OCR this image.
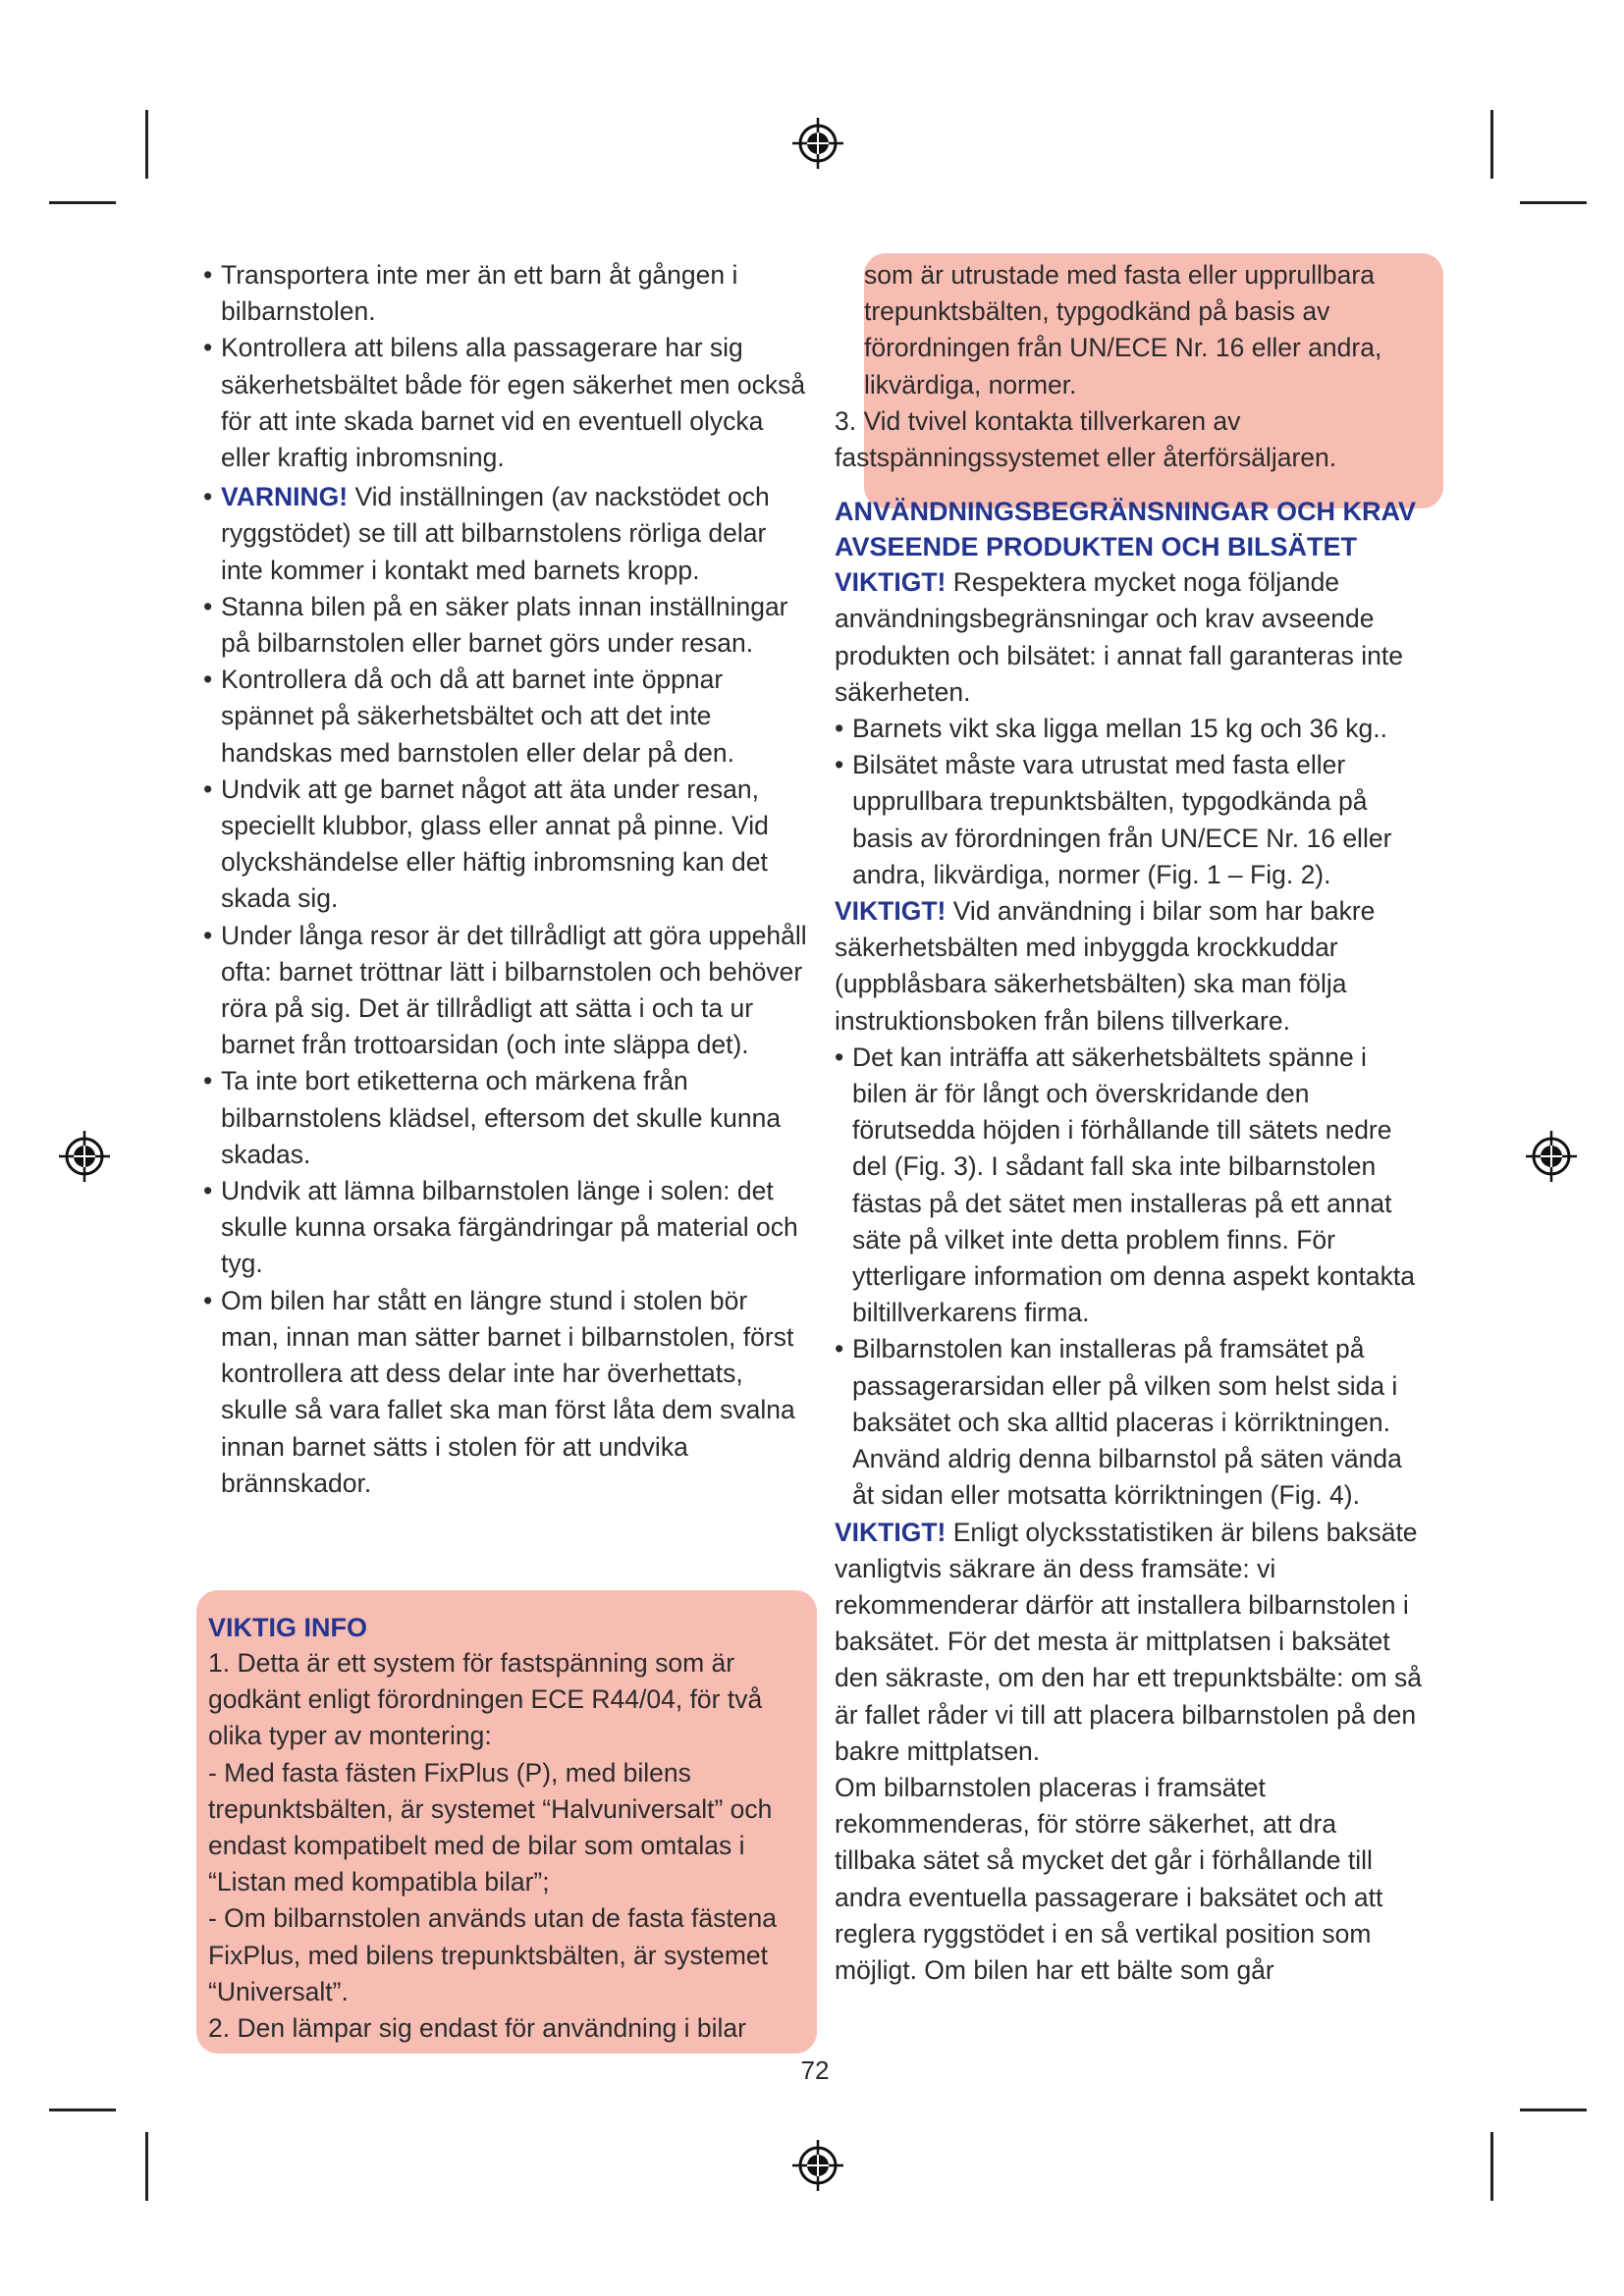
• Transportera inte mer än ett barn åt gången i bilbarnstolen.
• Kontrollera att bilens alla passagerare har sig säkerhetsbältet både för egen säkerhet men också för att inte skada barnet vid en eventuell olycka eller kraftig inbromsning.
• VARNING! Vid inställningen (av nackstödet och ryggstödet) se till att bilbarnstolens rörliga delar inte kommer i kontakt med barnets kropp.
• Stanna bilen på en säker plats innan inställningar på bilbarnstolen eller barnet görs under resan.
• Kontrollera då och då att barnet inte öppnar spännet på säkerhetsbältet och att det inte handskas med barnstolen eller delar på den.
• Undvik att ge barnet något att äta under resan, speciellt klubbor, glass eller annat på pinne. Vid olyckshändelse eller häftig inbromsning kan det skada sig.
• Under långa resor är det tillrådligt att göra uppehåll ofta: barnet tröttnar lätt i bilbarnstolen och behöver röra på sig. Det är tillrådligt att sätta i och ta ur barnet från trottoarsidan (och inte släppa det).
• Ta inte bort etiketterna och märkena från bilbarnstolens klädsel, eftersom det skulle kunna skadas.
• Undvik att lämna bilbarnstolen länge i solen: det skulle kunna orsaka färgändringar på material och tyg.
• Om bilen har stått en längre stund i stolen bör man, innan man sätter barnet i bilbarnstolen, först kontrollera att dess delar inte har överhettats, skulle så vara fallet ska man först låta dem svalna innan barnet sätts i stolen för att undvika brännskador.
VIKTIG INFO
1. Detta är ett system för fastspänning som är godkänt enligt förordningen ECE R44/04, för två olika typer av montering:
- Med fasta fästen FixPlus (P), med bilens trepunktsbälten, är systemet “Halvuniversalt” och endast kompatibelt med de bilar som omtalas i “Listan med kompatibla bilar”;
- Om bilbarnstolen används utan de fasta fästena FixPlus, med bilens trepunktsbälten, är systemet “Universalt”.
2. Den lämpar sig endast för användning i bilar
som är utrustade med fasta eller upprullbara trepunktsbälten, typgodkänd på basis av förordningen från UN/ECE Nr. 16 eller andra, likvärdiga, normer.
3. Vid tvivel kontakta tillverkaren av fastspänningssystemet eller återförsäljaren.
ANVÄNDNINGSBEGRÄNSNINGAR OCH KRAV AVSEENDE PRODUKTEN OCH BILSÄTET
VIKTIGT! Respektera mycket noga följande användningsbegränsningar och krav avseende produkten och bilsätet: i annat fall garanteras inte säkerheten.
• Barnets vikt ska ligga mellan 15 kg och 36 kg..
• Bilsätet måste vara utrustat med fasta eller upprullbara trepunktsbälten, typgodkända på basis av förordningen från UN/ECE Nr. 16 eller andra, likvärdiga, normer (Fig. 1 – Fig. 2).
VIKTIGT! Vid användning i bilar som har bakre säkerhetsbälten med inbyggda krockkuddar (uppblåsbara säkerhetsbälten) ska man följa instruktionsboken från bilens tillverkare.
• Det kan inträffa att säkerhetsbältets spänne i bilen är för långt och överskridande den förutsedda höjden i förhållande till sätets nedre del (Fig. 3). I sådant fall ska inte bilbarnstolen fästas på det sätet men installeras på ett annat säte på vilket inte detta problem finns. För ytterligare information om denna aspekt kontakta biltillverkarens firma.
• Bilbarnstolen kan installeras på framsätet på passagerarsidan eller på vilken som helst sida i baksätet och ska alltid placeras i körriktningen.
Använd aldrig denna bilbarnstol på säten vända åt sidan eller motsatta körriktningen (Fig. 4).
VIKTIGT! Enligt olycksstatistiken är bilens baksäte vanligtvis säkrare än dess framsäte: vi rekommenderar därför att installera bilbarnstolen i baksätet. För det mesta är mittplatsen i baksätet den säkraste, om den har ett trepunktsbälte: om så är fallet råder vi till att placera bilbarnstolen på den bakre mittplatsen.
Om bilbarnstolen placeras i framsätet rekommenderas, för större säkerhet, att dra tillbaka sätet så mycket det går i förhållande till andra eventuella passagerare i baksätet och att reglera ryggstödet i en så vertikal position som möjligt. Om bilen har ett bälte som går
72
